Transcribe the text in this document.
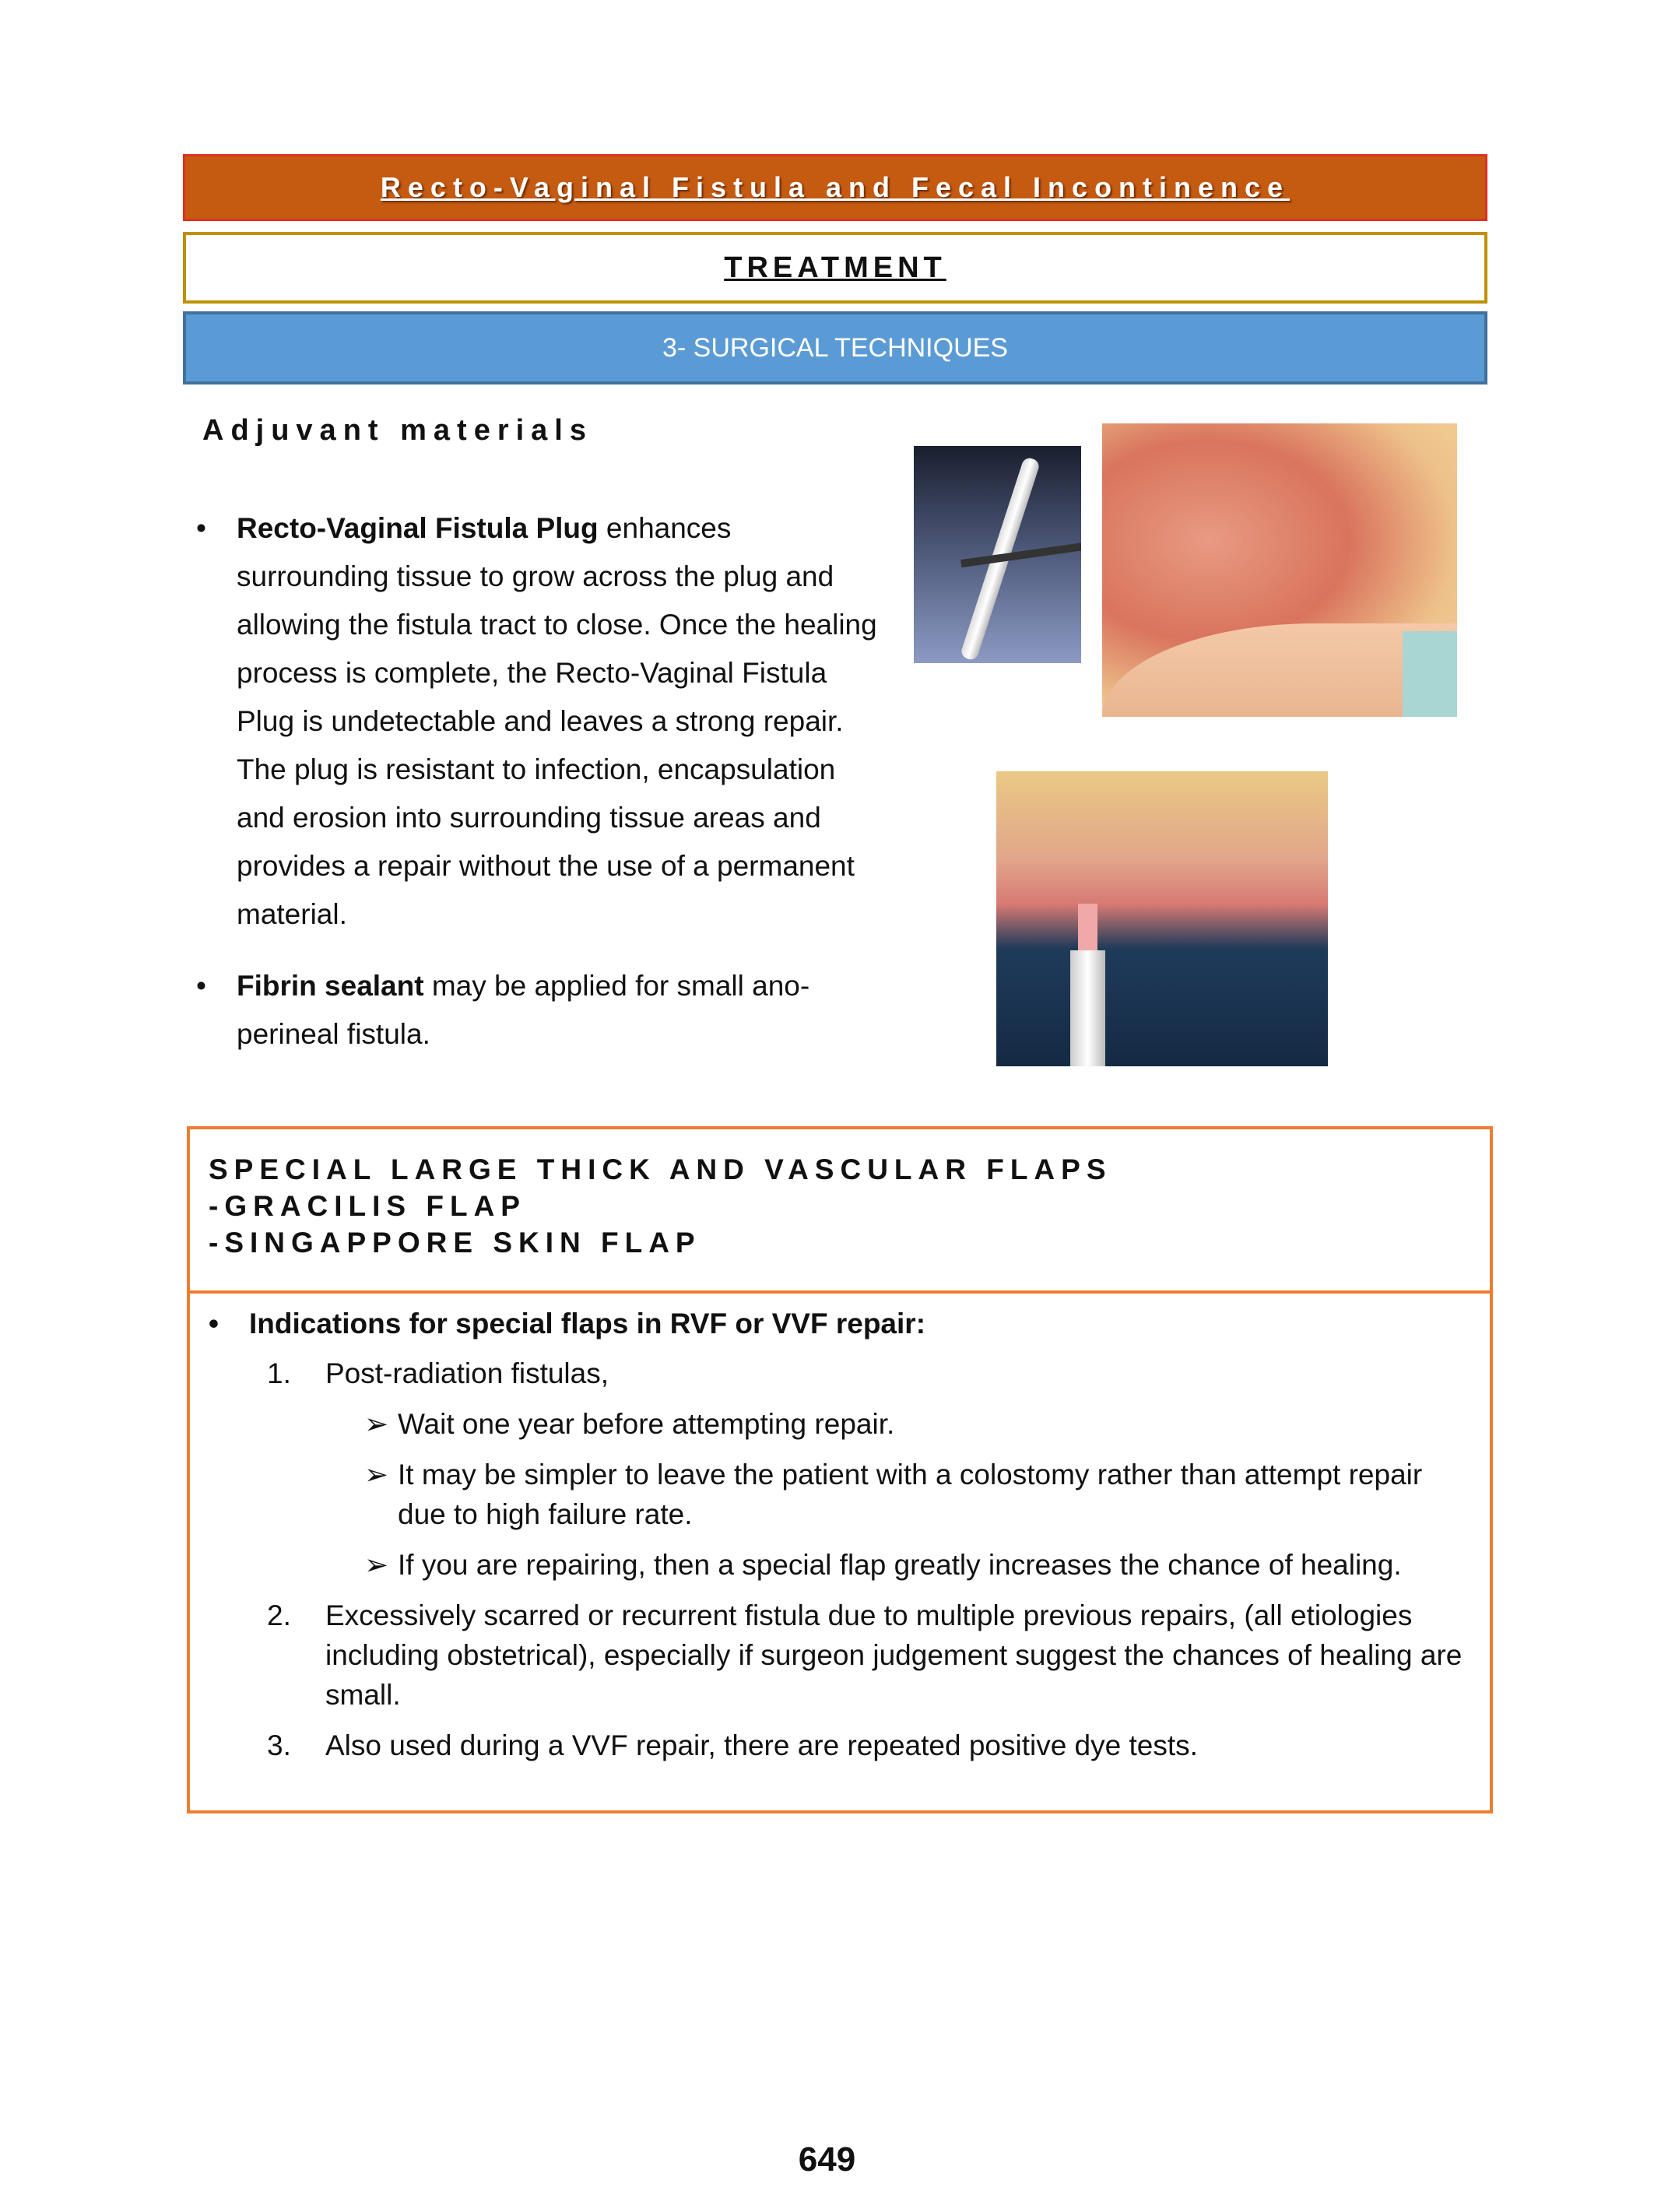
Recto-Vaginal Fistula and Fecal Incontinence
TREATMENT
3- SURGICAL TECHNIQUES
Adjuvant materials
• Recto-Vaginal Fistula Plug enhances surrounding tissue to grow across the plug and allowing the fistula tract to close. Once the healing process is complete, the Recto-Vaginal Fistula Plug is undetectable and leaves a strong repair. The plug is resistant to infection, encapsulation and erosion into surrounding tissue areas and provides a repair without the use of a permanent material.
• Fibrin sealant may be applied for small ano-perineal fistula.
SPECIAL LARGE THICK AND VASCULAR FLAPS
-GRACILIS FLAP
-SINGAPPORE SKIN FLAP
• Indications for special flaps in RVF or VVF repair:
1. Post-radiation fistulas,
➢ Wait one year before attempting repair.
➢ It may be simpler to leave the patient with a colostomy rather than attempt repair due to high failure rate.
➢ If you are repairing, then a special flap greatly increases the chance of healing.
2. Excessively scarred or recurrent fistula due to multiple previous repairs, (all etiologies including obstetrical), especially if surgeon judgement suggest the chances of healing are small.
3. Also used during a VVF repair, there are repeated positive dye tests.
649
